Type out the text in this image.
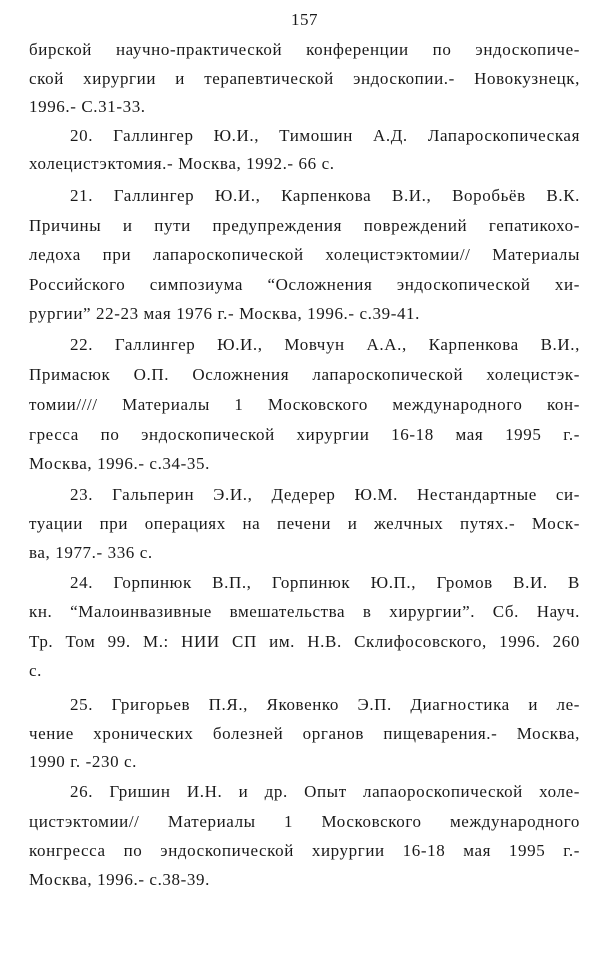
157
бирской научно-практической конференции по эндоскопиче-
ской хирургии и терапевтической эндоскопии.- Новокузнецк,
1996.- С.31-33.
20. Галлингер Ю.И., Тимошин А.Д. Лапароскопическая
холецистэктомия.- Москва, 1992.- 66 с.
21. Галлингер Ю.И., Карпенкова В.И., Воробьёв В.К.
Причины и пути предупреждения повреждений гепатикохо-
ледоха при лапароскопической холецистэктомии// Материалы
Российского симпозиума “Осложнения эндоскопической хи-
рургии” 22-23 мая 1976 г.- Москва, 1996.- с.39-41.
22. Галлингер Ю.И., Мовчун А.А., Карпенкова В.И.,
Примасюк О.П. Осложнения лапароскопической холецистэк-
томии//// Материалы 1 Московского международного кон-
гресса по эндоскопической хирургии 16-18 мая 1995 г.-
Москва, 1996.- с.34-35.
23. Гальперин Э.И., Дедерер Ю.М. Нестандартные си-
туации при операциях на печени и желчных путях.- Моск-
ва, 1977.- 336 с.
24. Горпинюк В.П., Горпинюк Ю.П., Громов В.И. В
кн. “Малоинвазивные вмешательства в хирургии”. Сб. Науч.
Тр. Том 99. М.: НИИ СП им. Н.В. Склифосовского, 1996. 260
с.
25. Григорьев П.Я., Яковенко Э.П. Диагностика и ле-
чение хронических болезней органов пищеварения.- Москва,
1990 г. -230 с.
26. Гришин И.Н. и др. Опыт лапаороскопической холе-
цистэктомии// Материалы 1 Московского международного
конгресса по эндоскопической хирургии 16-18 мая 1995 г.-
Москва, 1996.- с.38-39.
